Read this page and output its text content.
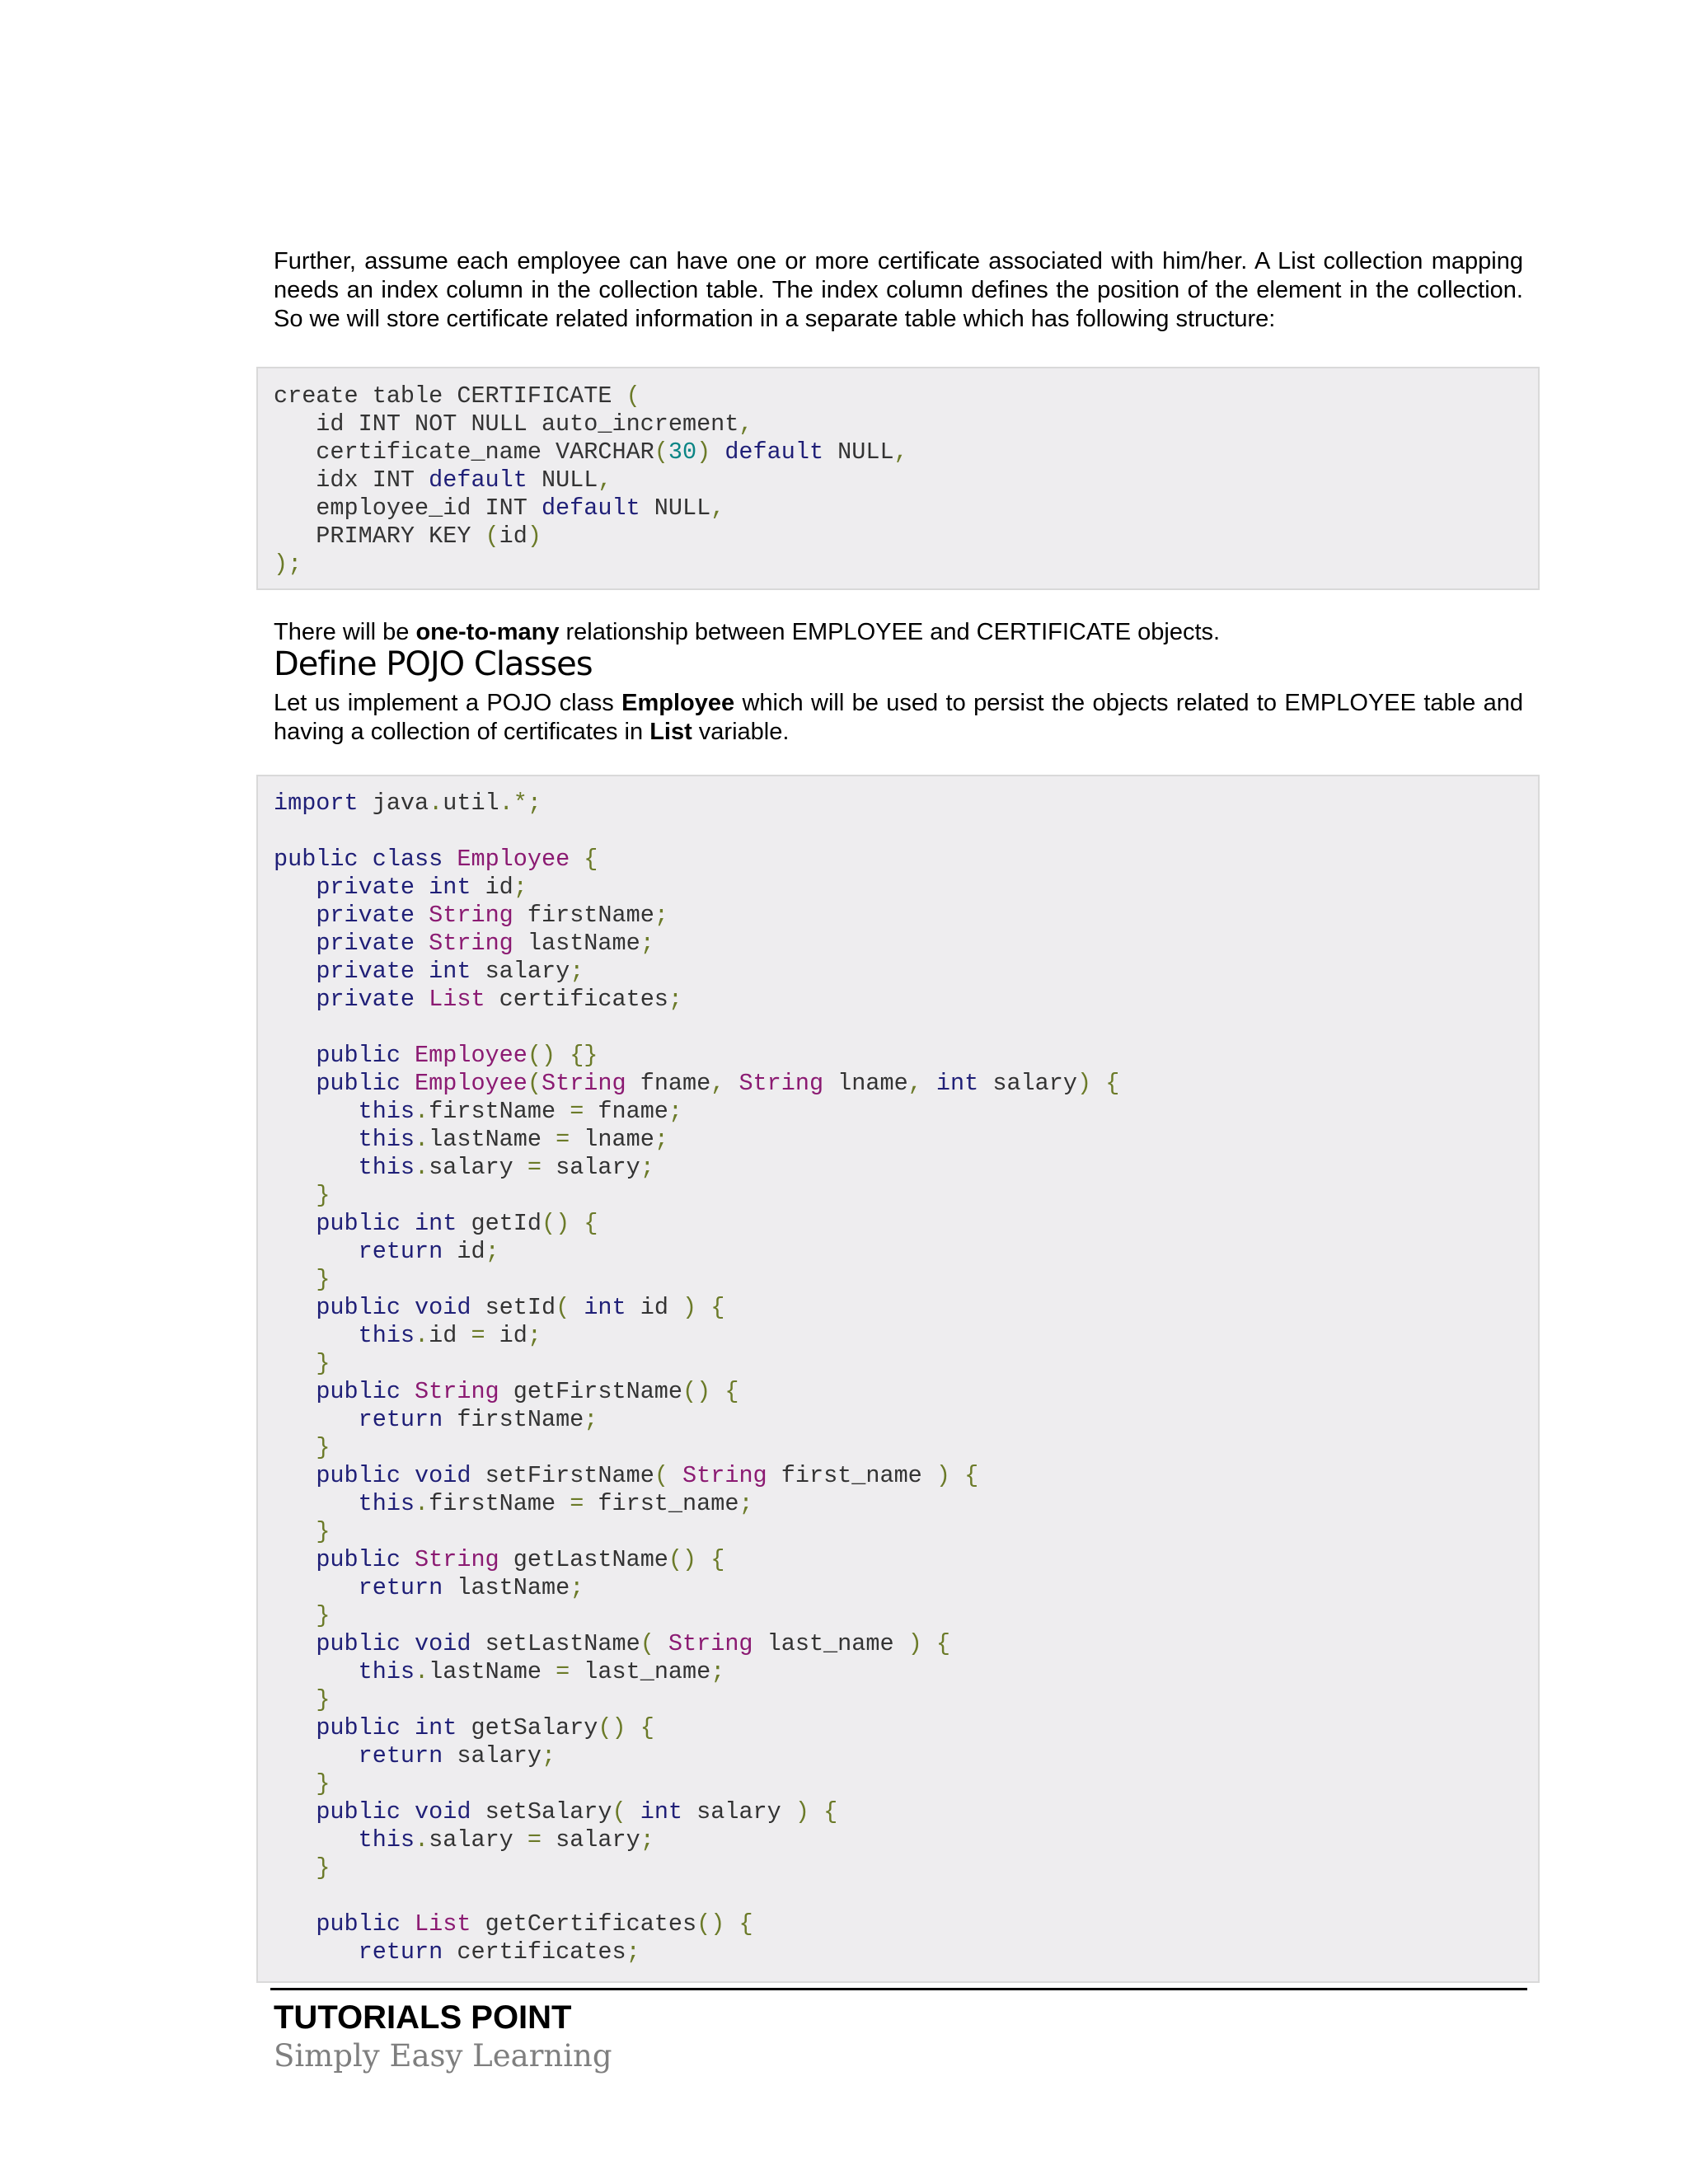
Further, assume each employee can have one or more certificate associated with him/her. A List collection mapping needs an index column in the collection table. The index column defines the position of the element in the collection. So we will store certificate related information in a separate table which has following structure:

create table CERTIFICATE (
id INT NOT NULL auto_increment,
certificate_name VARCHAR(30) default NULL,
idx INT default NULL,
employee_id INT default NULL,
PRIMARY KEY (id)
);

There will be one-to-many relationship between EMPLOYEE and CERTIFICATE objects.

Define POJO Classes

Let us implement a POJO class Employee which will be used to persist the objects related to EMPLOYEE table and having a collection of certificates in List variable.

import java.util.*;

public class Employee {
private int id;
private String firstName;
private String lastName;
private int salary;
private List certificates;

public Employee() {}
public Employee(String fname, String lname, int salary) {
this.firstName = fname;
this.lastName = lname;
this.salary = salary;
}
public int getId() {
return id;
}
public void setId( int id ) {
this.id = id;
}
public String getFirstName() {
return firstName;
}
public void setFirstName( String first_name ) {
this.firstName = first_name;
}
public String getLastName() {
return lastName;
}
public void setLastName( String last_name ) {
this.lastName = last_name;
}
public int getSalary() {
return salary;
}
public void setSalary( int salary ) {
this.salary = salary;
}

public List getCertificates() {
return certificates;
TUTORIALS POINT
Simply Easy Learning
